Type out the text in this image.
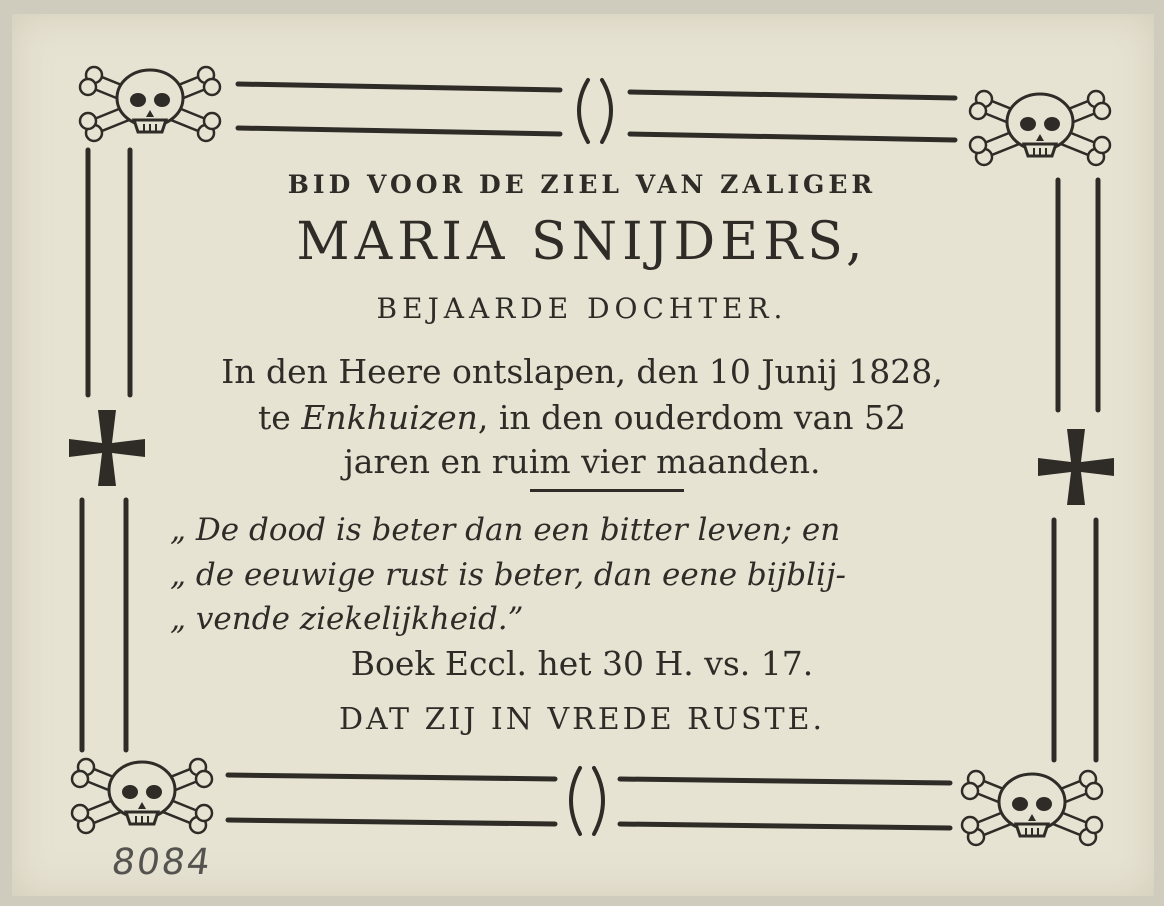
BID VOOR DE ZIEL VAN ZALIGER
MARIA SNIJDERS,
BEJAARDE DOCHTER.
In den Heere ontslapen, den 10 Junij 1828,
te Enkhuizen, in den ouderdom van 52
jaren en ruim vier maanden.
„ De dood is beter dan een bitter leven; en
„ de eeuwige rust is beter, dan eene bijblij-
„ vende ziekelijkheid.”
Boek Eccl. het 30 H. vs. 17.
DAT ZIJ IN VREDE RUSTE.
8084
